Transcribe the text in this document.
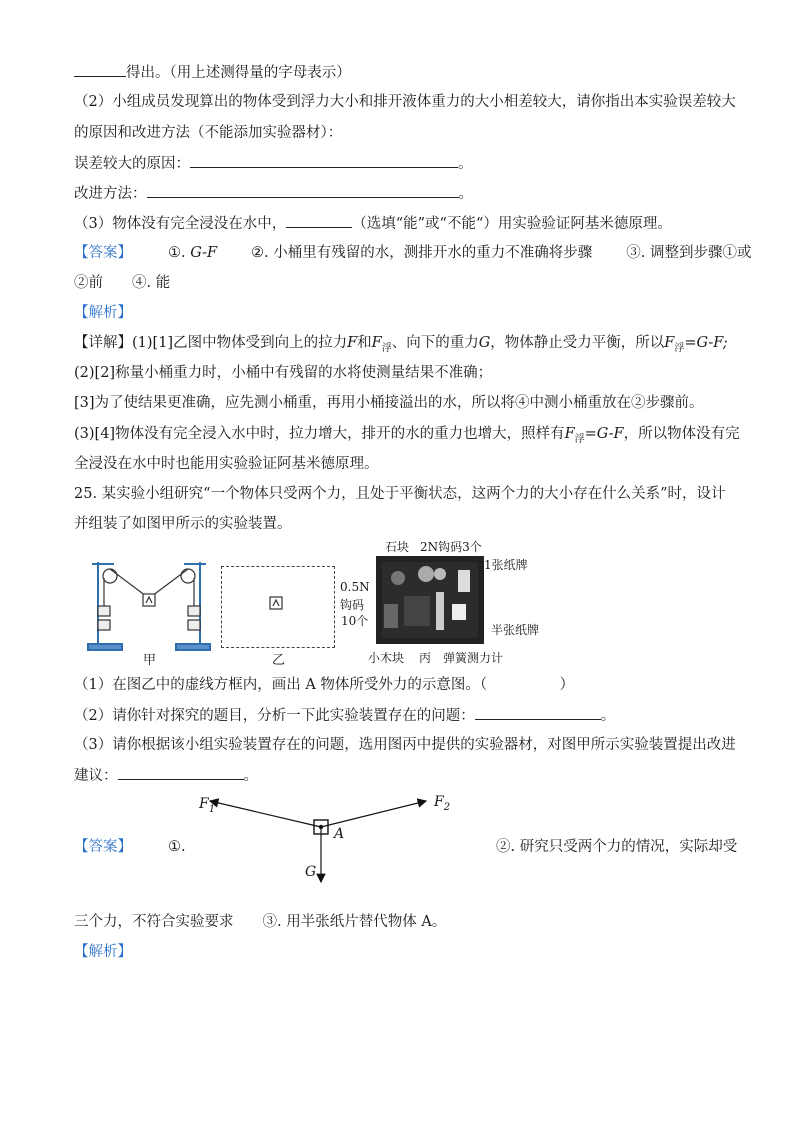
得出。（用上述测得量的字母表示）
（2）小组成员发现算出的物体受到浮力大小和排开液体重力的大小相差较大，请你指出本实验误差较大
的原因和改进方法（不能添加实验器材）：
误差较大的原因：	。
改进方法：	。
（3）物体没有完全浸没在水中，	（选填“能”或“不能“）用实验验证阿基米德原理。
【答案】 ①. G-F ②. 小桶里有残留的水，测排开水的重力不准确将步骤 ③. 调整到步骤①或
②前　　④. 能
【解析】
【详解】(1)[1]乙图中物体受到向上的拉力F和$F_浮$、向下的重力G，物体静止受力平衡，所以$F_浮=G-F$;
(2)[2]称量小桶重力时，小桶中有残留的水将使测量结果不准确；
[3]为了使结果更准确，应先测小桶重，再用小桶接溢出的水，所以将④中测小桶重放在②步骤前。
(3)[4]物体没有完全浸入水中时，拉力增大，排开的水的重力也增大，照样有$F_浮=G-F$，所以物体没有完
全浸没在水中时也能用实验验证阿基米德原理。
25. 某实验小组研究“一个物体只受两个力，且处于平衡状态，这两个力的大小存在什么关系”时，设计
并组装了如图甲所示的实验装置。
甲	乙
石块 2N钩码3个
1张纸牌
0.5N
钩码
10个
半张纸牌
小木块 丙 弹簧测力计
（1）在图乙中的虚线方框内，画出 A 物体所受外力的示意图。（　　　　　）
（2）请你针对探究的题目，分析一下此实验装置存在的问题：	。
（3）请你根据该小组实验装置存在的问题，选用图丙中提供的实验器材，对图甲所示实验装置提出改进
建议：	。
$F_1$	$F_2$
A
G
【答案】 ①.	②. 研究只受两个力的情况，实际却受
三个力，不符合实验要求　　③. 用半张纸片替代物体 A。
【解析】
